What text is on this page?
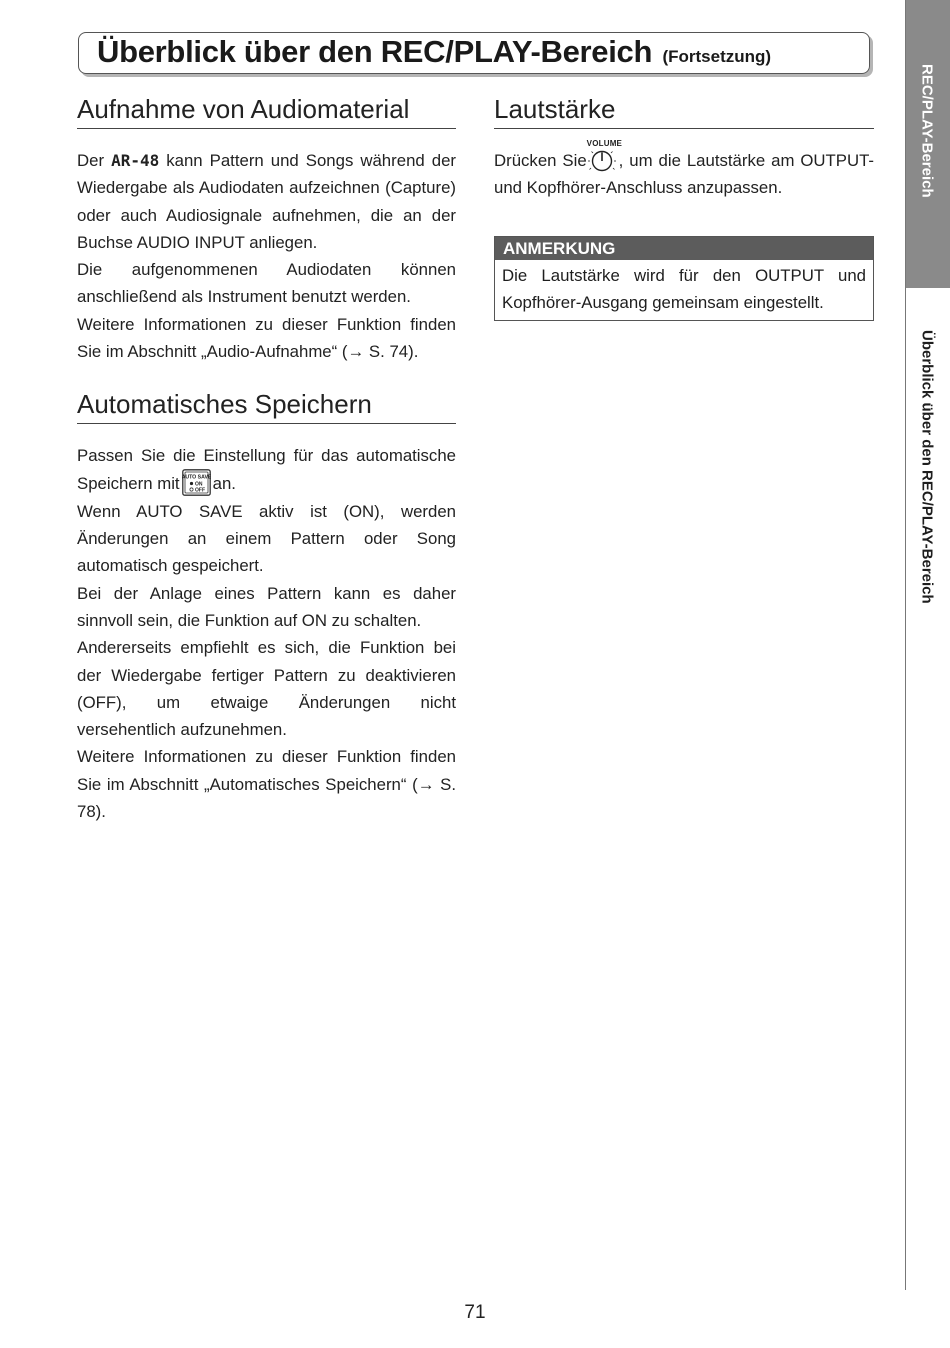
Überblick über den REC/PLAY-Bereich (Fortsetzung)
Aufnahme von Audiomaterial

Der AR-48 kann Pattern und Songs während der Wiedergabe als Audiodaten aufzeichnen (Capture) oder auch Audiosignale aufnehmen, die an der Buchse AUDIO INPUT anliegen.

Die aufgenommenen Audiodaten können anschließend als Instrument benutzt werden.

Weitere Informationen zu dieser Funktion finden Sie im Abschnitt „Audio-Aufnahme“ (→ S. 74).

Automatisches Speichern

Passen Sie die Einstellung für das automatische Speichern mit AUTO SAVE
ON
OFF an.

Wenn AUTO SAVE aktiv ist (ON), werden Änderungen an einem Pattern oder Song automatisch gespeichert.

Bei der Anlage eines Pattern kann es daher sinnvoll sein, die Funktion auf ON zu schalten.

Andererseits empfiehlt es sich, die Funktion bei der Wiedergabe fertiger Pattern zu deaktivieren (OFF), um etwaige Änderungen nicht versehentlich aufzunehmen.

Weitere Informationen zu dieser Funktion finden Sie im Abschnitt „Automatisches Speichern“ (→ S. 78).

Lautstärke

Drücken Sie
VOLUME
, um die Lautstärke am OUTPUT- und Kopfhörer-Anschluss anzupassen.

ANMERKUNG
Die Lautstärke wird für den OUTPUT und Kopfhörer-Ausgang gemeinsam eingestellt.
REC/PLAY-Bereich
Überblick über den REC/PLAY-Bereich
71
